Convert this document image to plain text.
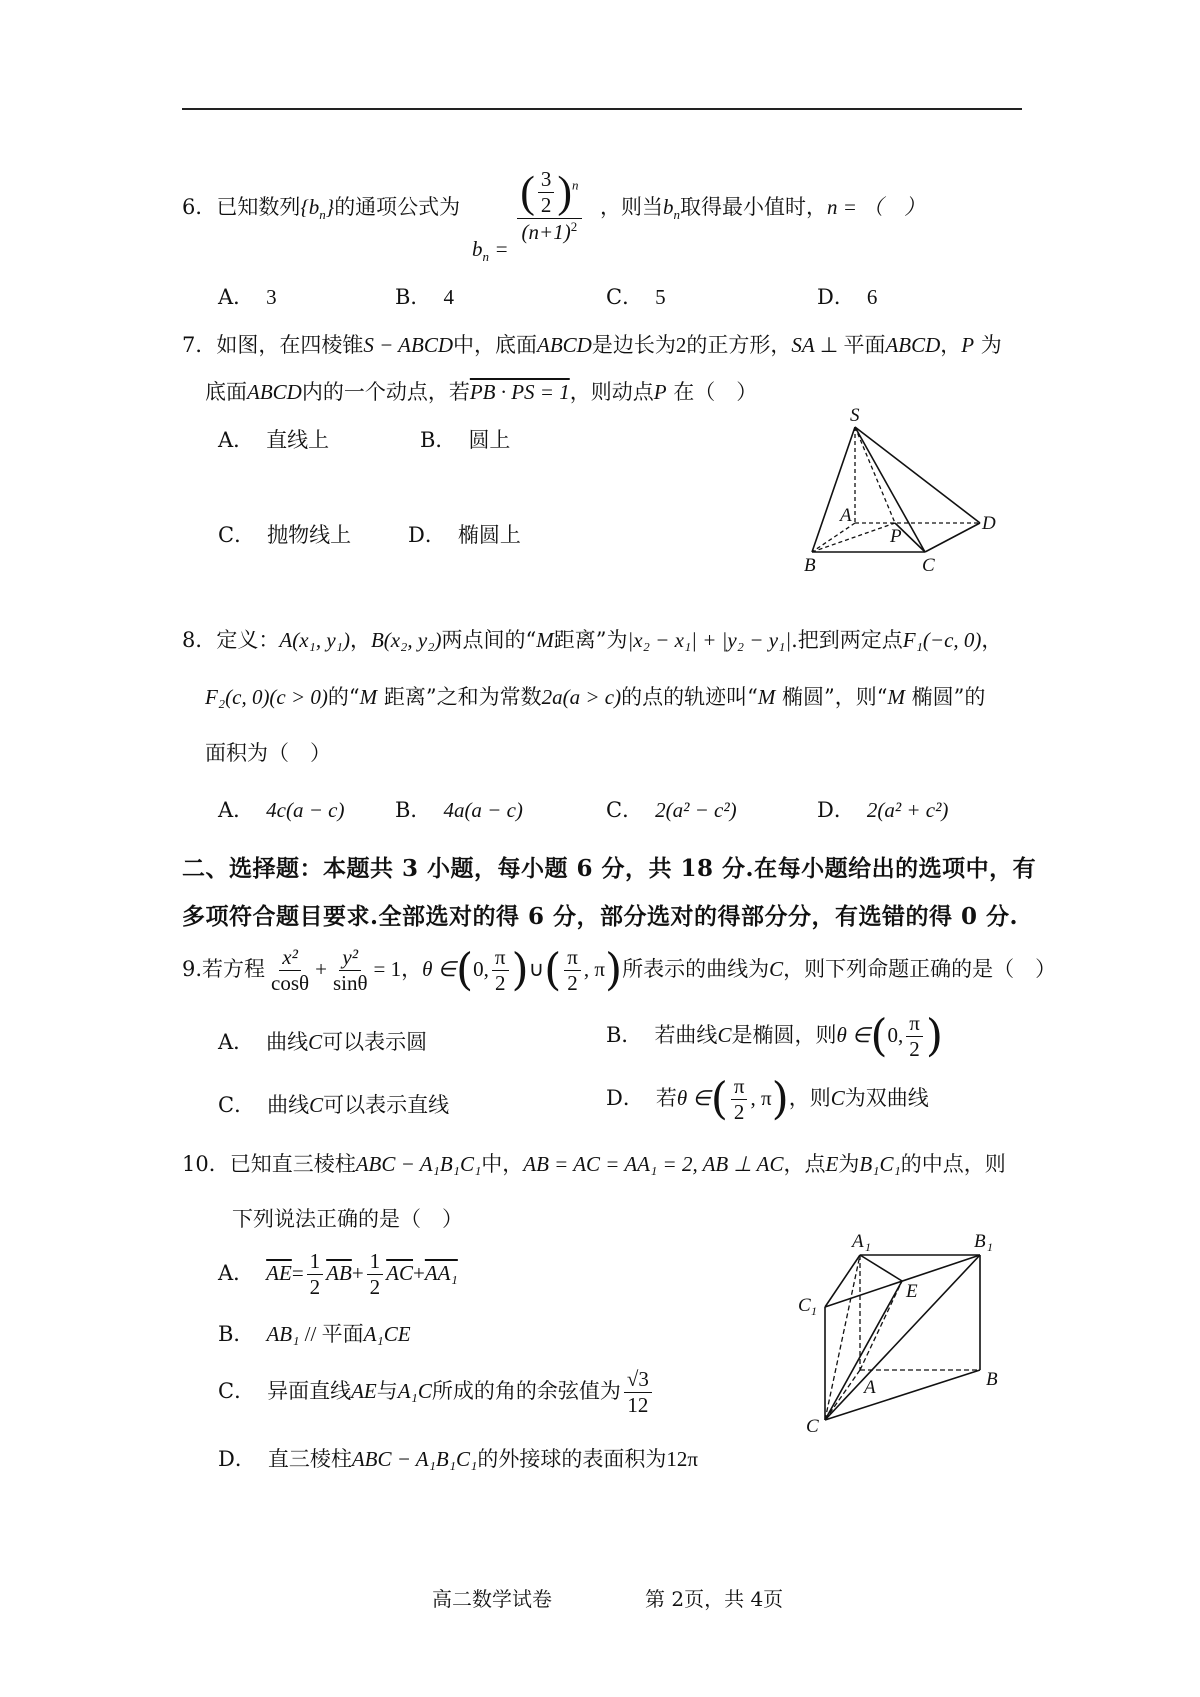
6．已知数列$\{b_n\}$的通项公式为
$b_n$ =
$\frac{( \frac{3}{2} )^n}{(n+1)^2}$ ，则当$b_n$取得最小值时，n = （　）
A． 3	B． 4	C． 5	D． 6
7．如图，在四棱锥S − ABCD中，底面ABCD是边长为2的正方形，SA ⊥ 平面ABCD，P 为
底面ABCD内的一个动点，若PB · PS = 1，则动点P 在（　）
A． 直线上	B． 圆上
C． 抛物线上	D． 椭圆上
S
A
B	C
D
P
8．定义：A(x₁, y₁)，B(x₂, y₂)两点间的“M距离”为|x₂ − x₁| + |y₂ − y₁|.把到两定点F₁(−c, 0)，
F₂(c, 0)(c > 0)的“M 距离”之和为常数2a(a > c)的点的轨迹叫“M 椭圆”，则“M 椭圆”的
面积为（　）
A． 4c(a − c) B． 4a(a − c)	C． 2(a² − c²)	D． 2(a² + c²)
二、选择题：本题共 3 小题，每小题 6 分，共 18 分.在每小题给出的选项中，有
多项符合题目要求.全部选对的得 6 分，部分选对的得部分分，有选错的得 0 分.
9.若方程 $\frac{\text{x²}}{\cos\theta} + \frac{\text{y²}}{\sin\theta} = 1$，θ ∈(0, $\frac{\pi}{2}$ )∪( $\frac{\pi}{2}$ , π)所表示的曲线为C，则下列命题正确的是（　）
A． 曲线C可以表示圆	B． 若曲线C是椭圆，则θ ∈(0, $\frac{\pi}{2}$ )
C． 曲线C可以表示直线	D． 若θ ∈( $\frac{\pi}{2}$ , π)，则C为双曲线
10．已知直三棱柱ABC − A₁B₁C₁中，AB = AC = AA₁ = 2, AB ⊥ AC，点E为B₁C₁的中点，则
下列说法正确的是（　）
A． $\overline{AE}= \frac{1}{2} \overline{AB}+ \frac{1}{2} \overline{AC}+AA_1$
B． AB₁ // 平面A₁CE
C． 异面直线AE与A₁C所成的角的余弦值为 $\frac{√3}{12}$
D． 直三棱柱ABC − A₁B₁C₁的外接球的表面积为12π
A 1	B 1
C 1
E
A	B
C
高二数学试卷	第 2页，共 4页
